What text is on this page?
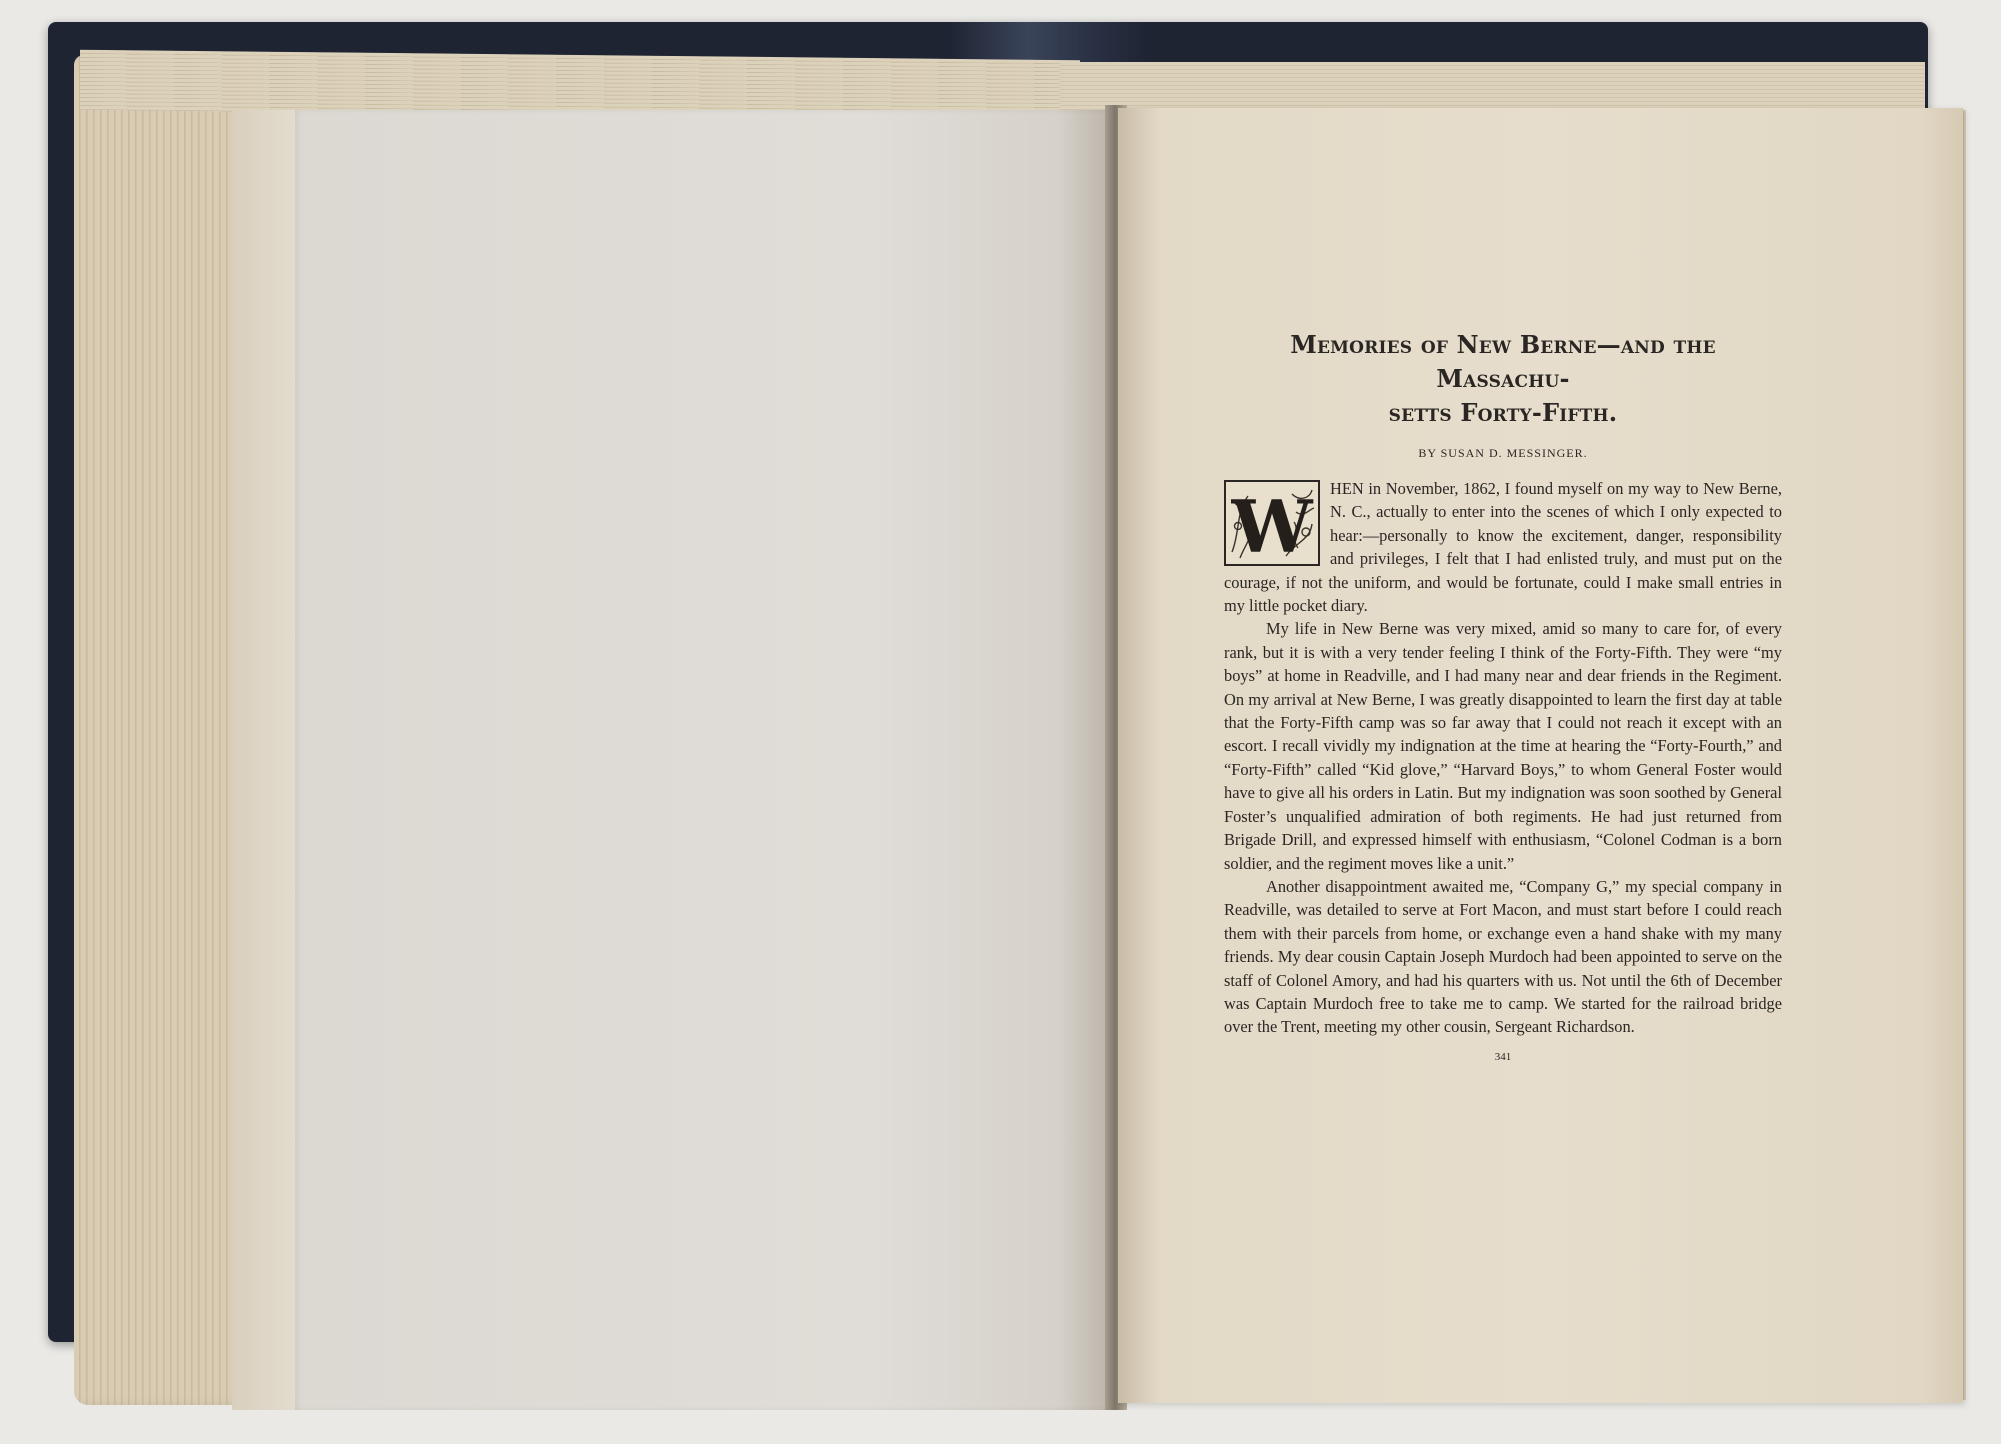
Memories of New Berne—and the Massachu-
setts Forty-Fifth.
BY SUSAN D. MESSINGER.
W	HEN in November, 1862, I found myself on my way to New Berne, N. C., actually to enter into the scenes of which I only expected to hear:—personally to know the excitement, danger, responsibility and privileges, I felt that I had enlisted truly, and must put on the courage, if not the uniform, and would be fortunate, could I make small entries in my little pocket diary.

My life in New Berne was very mixed, amid so many to care for, of every rank, but it is with a very tender feeling I think of the Forty-Fifth. They were “my boys” at home in Readville, and I had many near and dear friends in the Regiment. On my arrival at New Berne, I was greatly disappointed to learn the first day at table that the Forty-Fifth camp was so far away that I could not reach it except with an escort. I recall vividly my indignation at the time at hearing the “Forty-Fourth,” and “Forty-Fifth” called “Kid glove,” “Harvard Boys,” to whom General Foster would have to give all his orders in Latin. But my indignation was soon soothed by General Foster’s unqualified admiration of both regiments. He had just returned from Brigade Drill, and expressed himself with enthusiasm, “Colonel Codman is a born soldier, and the regiment moves like a unit.”

Another disappointment awaited me, “Company G,” my special company in Readville, was detailed to serve at Fort Macon, and must start before I could reach them with their parcels from home, or exchange even a hand shake with my many friends. My dear cousin Captain Joseph Murdoch had been appointed to serve on the staff of Colonel Amory, and had his quarters with us. Not until the 6th of December was Captain Murdoch free to take me to camp. We started for the railroad bridge over the Trent, meeting my other cousin, Sergeant Richardson.

341
